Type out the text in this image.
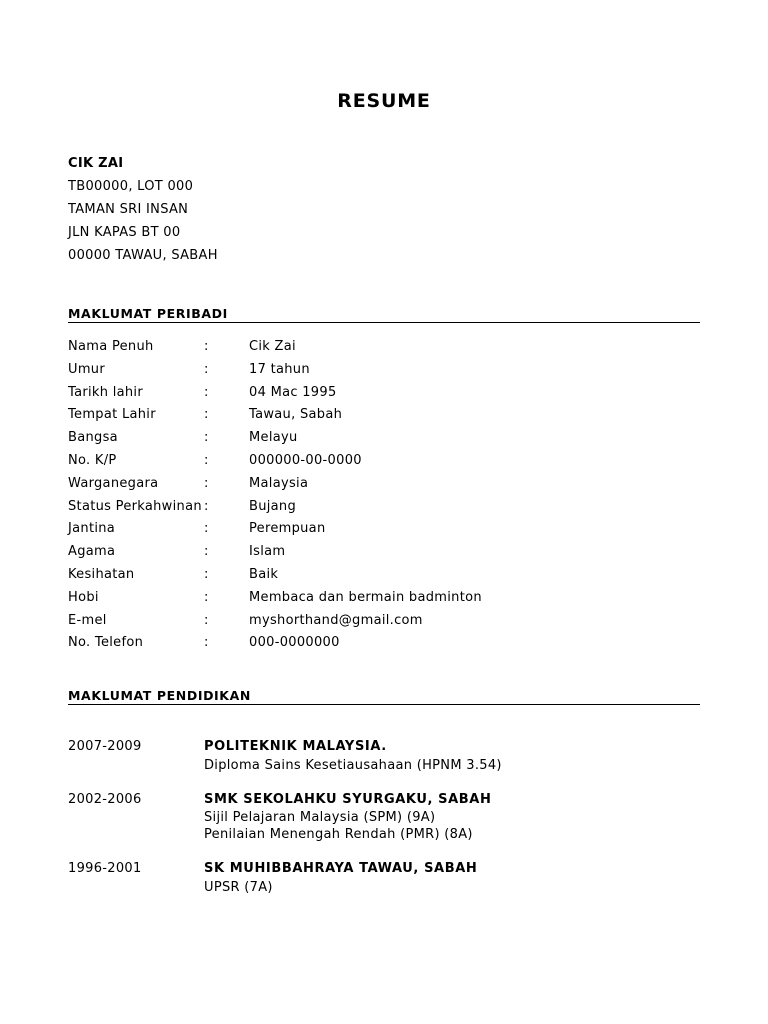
RESUME
CIK ZAI
TB00000, LOT 000
TAMAN SRI INSAN
JLN KAPAS BT 00
00000 TAWAU, SABAH
MAKLUMAT PERIBADI
Nama Penuh	:	Cik Zai
Umur	:	17 tahun
Tarikh lahir	:	04 Mac 1995
Tempat Lahir	:	Tawau, Sabah
Bangsa	:	Melayu
No. K/P	:	000000-00-0000
Warganegara	:	Malaysia
Status Perkahwinan :	Bujang
Jantina	:	Perempuan
Agama	:	Islam
Kesihatan	:	Baik
Hobi	:	Membaca dan bermain badminton
E-mel	:	myshorthand@gmail.com
No. Telefon	:	000-0000000
MAKLUMAT PENDIDIKAN
2007-2009	POLITEKNIK MALAYSIA.
Diploma Sains Kesetiausahaan (HPNM 3.54)
2002-2006	SMK SEKOLAHKU SYURGAKU, SABAH
Sijil Pelajaran Malaysia (SPM) (9A)
Penilaian Menengah Rendah (PMR) (8A)
1996-2001	SK MUHIBBAHRAYA TAWAU, SABAH
UPSR (7A)
